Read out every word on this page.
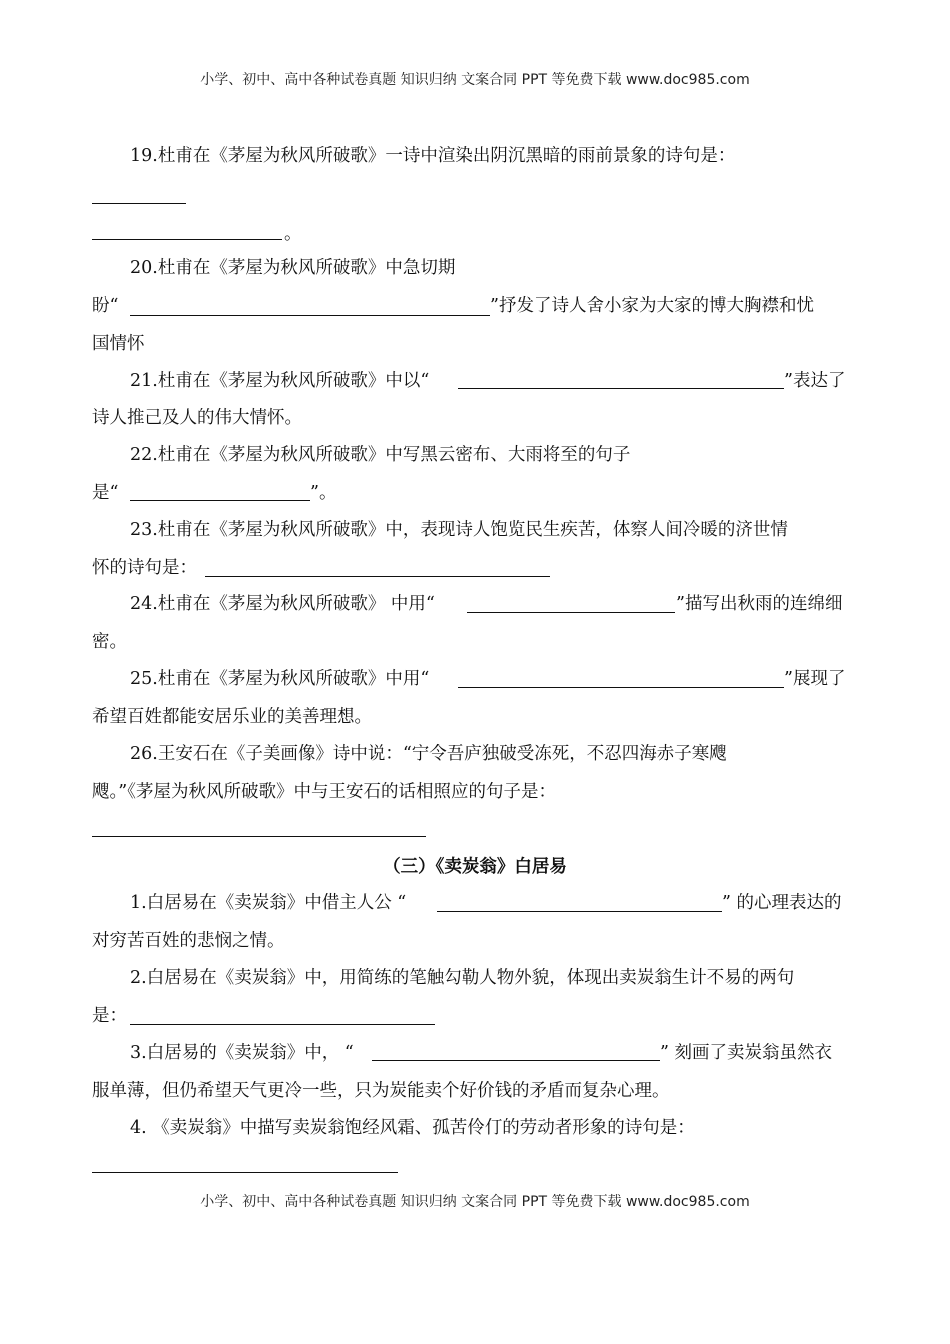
小学、初中、高中各种试卷真题 知识归纳 文案合同 PPT 等免费下载 www.doc985.com
19.杜甫在《茅屋为秋风所破歌》一诗中渲染出阴沉黑暗的雨前景象的诗句是：
。
20.杜甫在《茅屋为秋风所破歌》中急切期
盼“	”抒发了诗人舍小家为大家的博大胸襟和忧
国情怀
21.杜甫在《茅屋为秋风所破歌》中以“	”表达了
诗人推己及人的伟大情怀。
22.杜甫在《茅屋为秋风所破歌》中写黑云密布、大雨将至的句子
是“	”。
23.杜甫在《茅屋为秋风所破歌》中，表现诗人饱览民生疾苦，体察人间冷暖的济世情
怀的诗句是：
24.杜甫在《茅屋为秋风所破歌》 中用“	”描写出秋雨的连绵细
密。
25.杜甫在《茅屋为秋风所破歌》中用“	”展现了
希望百姓都能安居乐业的美善理想。
26.王安石在《子美画像》诗中说：“宁令吾庐独破受冻死，不忍四海赤子寒飕
飕。”《茅屋为秋风所破歌》中与王安石的话相照应的句子是：
（三）《卖炭翁》白居易
1.白居易在《卖炭翁》中借主人公 “	” 的心理表达的
对穷苦百姓的悲悯之情。
2.白居易在《卖炭翁》中，用简练的笔触勾勒人物外貌，体现出卖炭翁生计不易的两句
是：
3.白居易的《卖炭翁》中， “	” 刻画了卖炭翁虽然衣
服单薄，但仍希望天气更冷一些，只为炭能卖个好价钱的矛盾而复杂心理。
4. 《卖炭翁》中描写卖炭翁饱经风霜、孤苦伶仃的劳动者形象的诗句是：
小学、初中、高中各种试卷真题 知识归纳 文案合同 PPT 等免费下载 www.doc985.com
